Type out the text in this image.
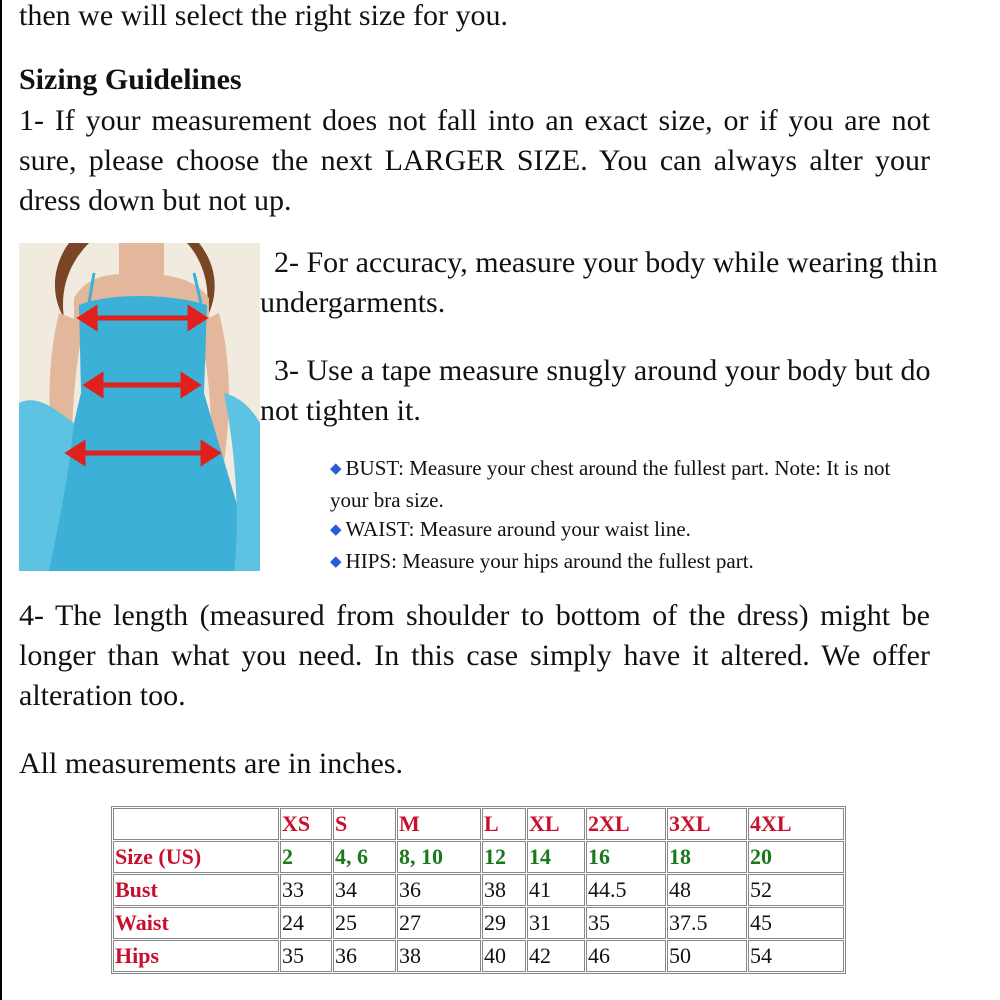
then we will select the right size for you.

Sizing Guidelines

1- If your measurement does not fall into an exact size, or if you are not sure, please choose the next LARGER SIZE. You can always alter your dress down but not up.

2- For accuracy, measure your body while wearing thin undergarments.

3- Use a tape measure snugly around your body but do not tighten it.

◆ BUST: Measure your chest around the fullest part. Note: It is not your bra size.
◆ WAIST: Measure around your waist line.
◆ HIPS: Measure your hips around the fullest part.

4- The length (measured from shoulder to bottom of the dress) might be longer than what you need. In this case simply have it altered. We offer alteration too.

All measurements are in inches.

	XS	S	M	L	XL	2XL	3XL	4XL
Size (US)	2	4, 6	8, 10	12	14	16	18	20
Bust	33	34	36	38	41	44.5	48	52
Waist	24	25	27	29	31	35	37.5	45
Hips	35	36	38	40	42	46	50	54
